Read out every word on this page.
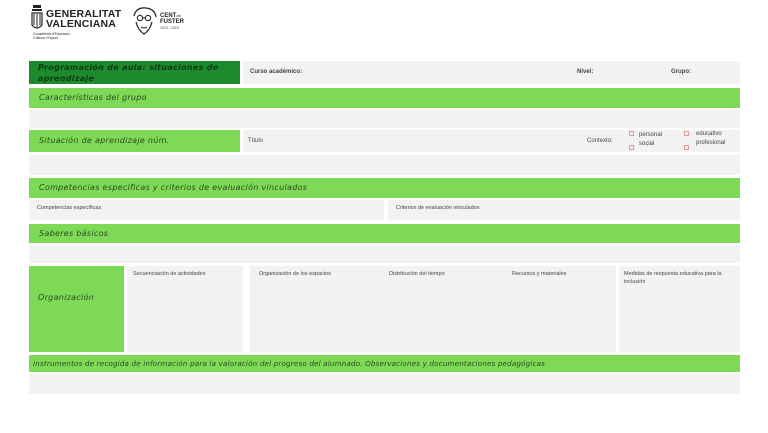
GENERALITAT
VALENCIANA
Conselleria d'Educació,
Cultura i Esport
CENTde
FUSTER
1923 - 2023
Programación de aula: situaciones de aprendizaje
Curso académico:	Nivel:	Grupo:
Características del grupo
Situación de aprendizaje núm.	Título	Contexto:
personal	educativo
social	profesional
Competencias específicas y criterios de evaluación vinculados
Competencias específicas	Criterios de evaluación vinculados
Saberes básicos
Organización
Secuenciación de actividades	Organización de los espacios	Distribución del tiempo	Recursos y materiales	Medidas de respuesta educativa para la inclusión
Instrumentos de recogida de información para la valoración del progreso del alumnado. Observaciones y documentaciones pedagógicas
